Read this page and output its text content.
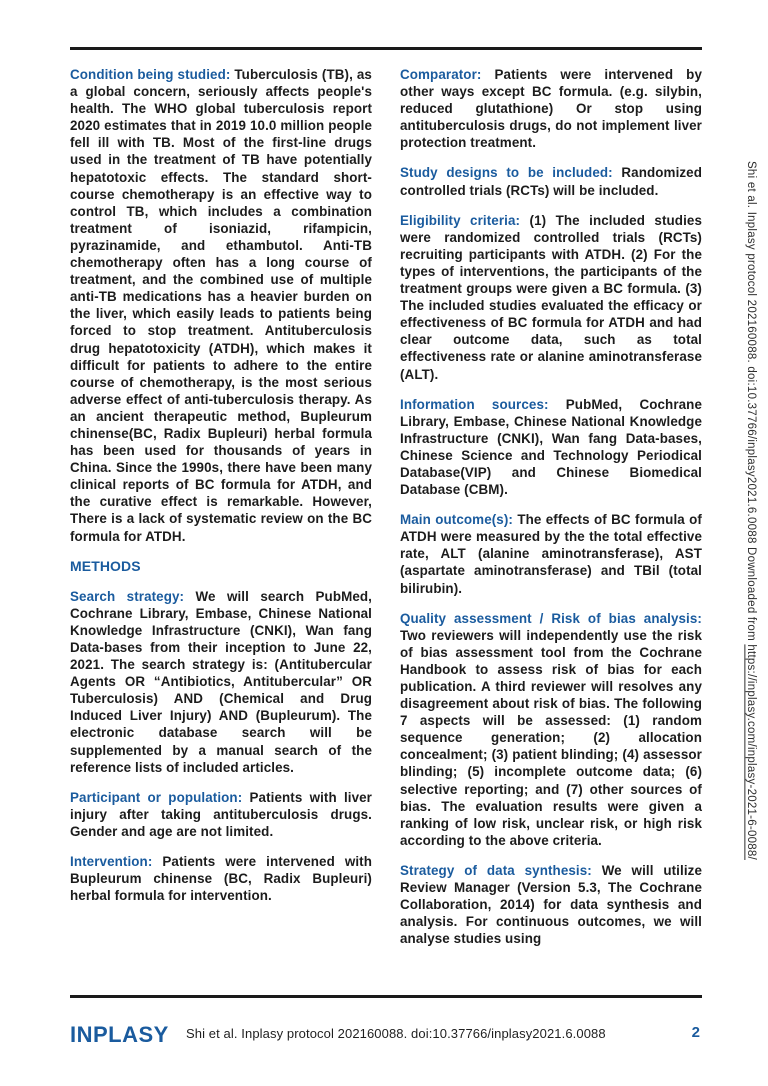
Condition being studied: Tuberculosis (TB), as a global concern, seriously affects people's health. The WHO global tuberculosis report 2020 estimates that in 2019 10.0 million people fell ill with TB. Most of the first-line drugs used in the treatment of TB have potentially hepatotoxic effects. The standard short-course chemotherapy is an effective way to control TB, which includes a combination treatment of isoniazid, rifampicin, pyrazinamide, and ethambutol. Anti-TB chemotherapy often has a long course of treatment, and the combined use of multiple anti-TB medications has a heavier burden on the liver, which easily leads to patients being forced to stop treatment. Antituberculosis drug hepatotoxicity (ATDH), which makes it difficult for patients to adhere to the entire course of chemotherapy, is the most serious adverse effect of anti-tuberculosis therapy. As an ancient therapeutic method, Bupleurum chinense(BC, Radix Bupleuri) herbal formula has been used for thousands of years in China. Since the 1990s, there have been many clinical reports of BC formula for ATDH, and the curative effect is remarkable. However, There is a lack of systematic review on the BC formula for ATDH.

METHODS

Search strategy: We will search PubMed, Cochrane Library, Embase, Chinese National Knowledge Infrastructure (CNKI), Wan fang Data-bases from their inception to June 22, 2021. The search strategy is: (Antitubercular Agents OR “Antibiotics, Antitubercular” OR Tuberculosis) AND (Chemical and Drug Induced Liver Injury) AND (Bupleurum). The electronic database search will be supplemented by a manual search of the reference lists of included articles.

Participant or population: Patients with liver injury after taking antituberculosis drugs. Gender and age are not limited.

Intervention: Patients were intervened with Bupleurum chinense (BC, Radix Bupleuri) herbal formula for intervention.

Comparator: Patients were intervened by other ways except BC formula. (e.g. silybin, reduced glutathione) Or stop using antituberculosis drugs, do not implement liver protection treatment.

Study designs to be included: Randomized controlled trials (RCTs) will be included.

Eligibility criteria: (1) The included studies were randomized controlled trials (RCTs) recruiting participants with ATDH. (2) For the types of interventions, the participants of the treatment groups were given a BC formula. (3) The included studies evaluated the efficacy or effectiveness of BC formula for ATDH and had clear outcome data, such as total effectiveness rate or alanine aminotransferase (ALT).

Information sources: PubMed, Cochrane Library, Embase, Chinese National Knowledge Infrastructure (CNKI), Wan fang Data-bases, Chinese Science and Technology Periodical Database(VIP) and Chinese Biomedical Database (CBM).

Main outcome(s): The effects of BC formula of ATDH were measured by the the total effective rate, ALT (alanine aminotransferase), AST (aspartate aminotransferase) and TBil (total bilirubin).

Quality assessment / Risk of bias analysis: Two reviewers will independently use the risk of bias assessment tool from the Cochrane Handbook to assess risk of bias for each publication. A third reviewer will resolves any disagreement about risk of bias. The following 7 aspects will be assessed: (1) random sequence generation; (2) allocation concealment; (3) patient blinding; (4) assessor blinding; (5) incomplete outcome data; (6) selective reporting; and (7) other sources of bias. The evaluation results were given a ranking of low risk, unclear risk, or high risk according to the above criteria.

Strategy of data synthesis: We will utilize Review Manager (Version 5.3, The Cochrane Collaboration, 2014) for data synthesis and analysis. For continuous outcomes, we will analyse studies using

Shi et al. Inplasy protocol 202160088. doi:10.37766/inplasy2021.6.0088 Downloaded from https://inplasy.com/inplasy-2021-6-0088/
INPLASY Shi et al. Inplasy protocol 202160088. doi:10.37766/inplasy2021.6.0088	2
